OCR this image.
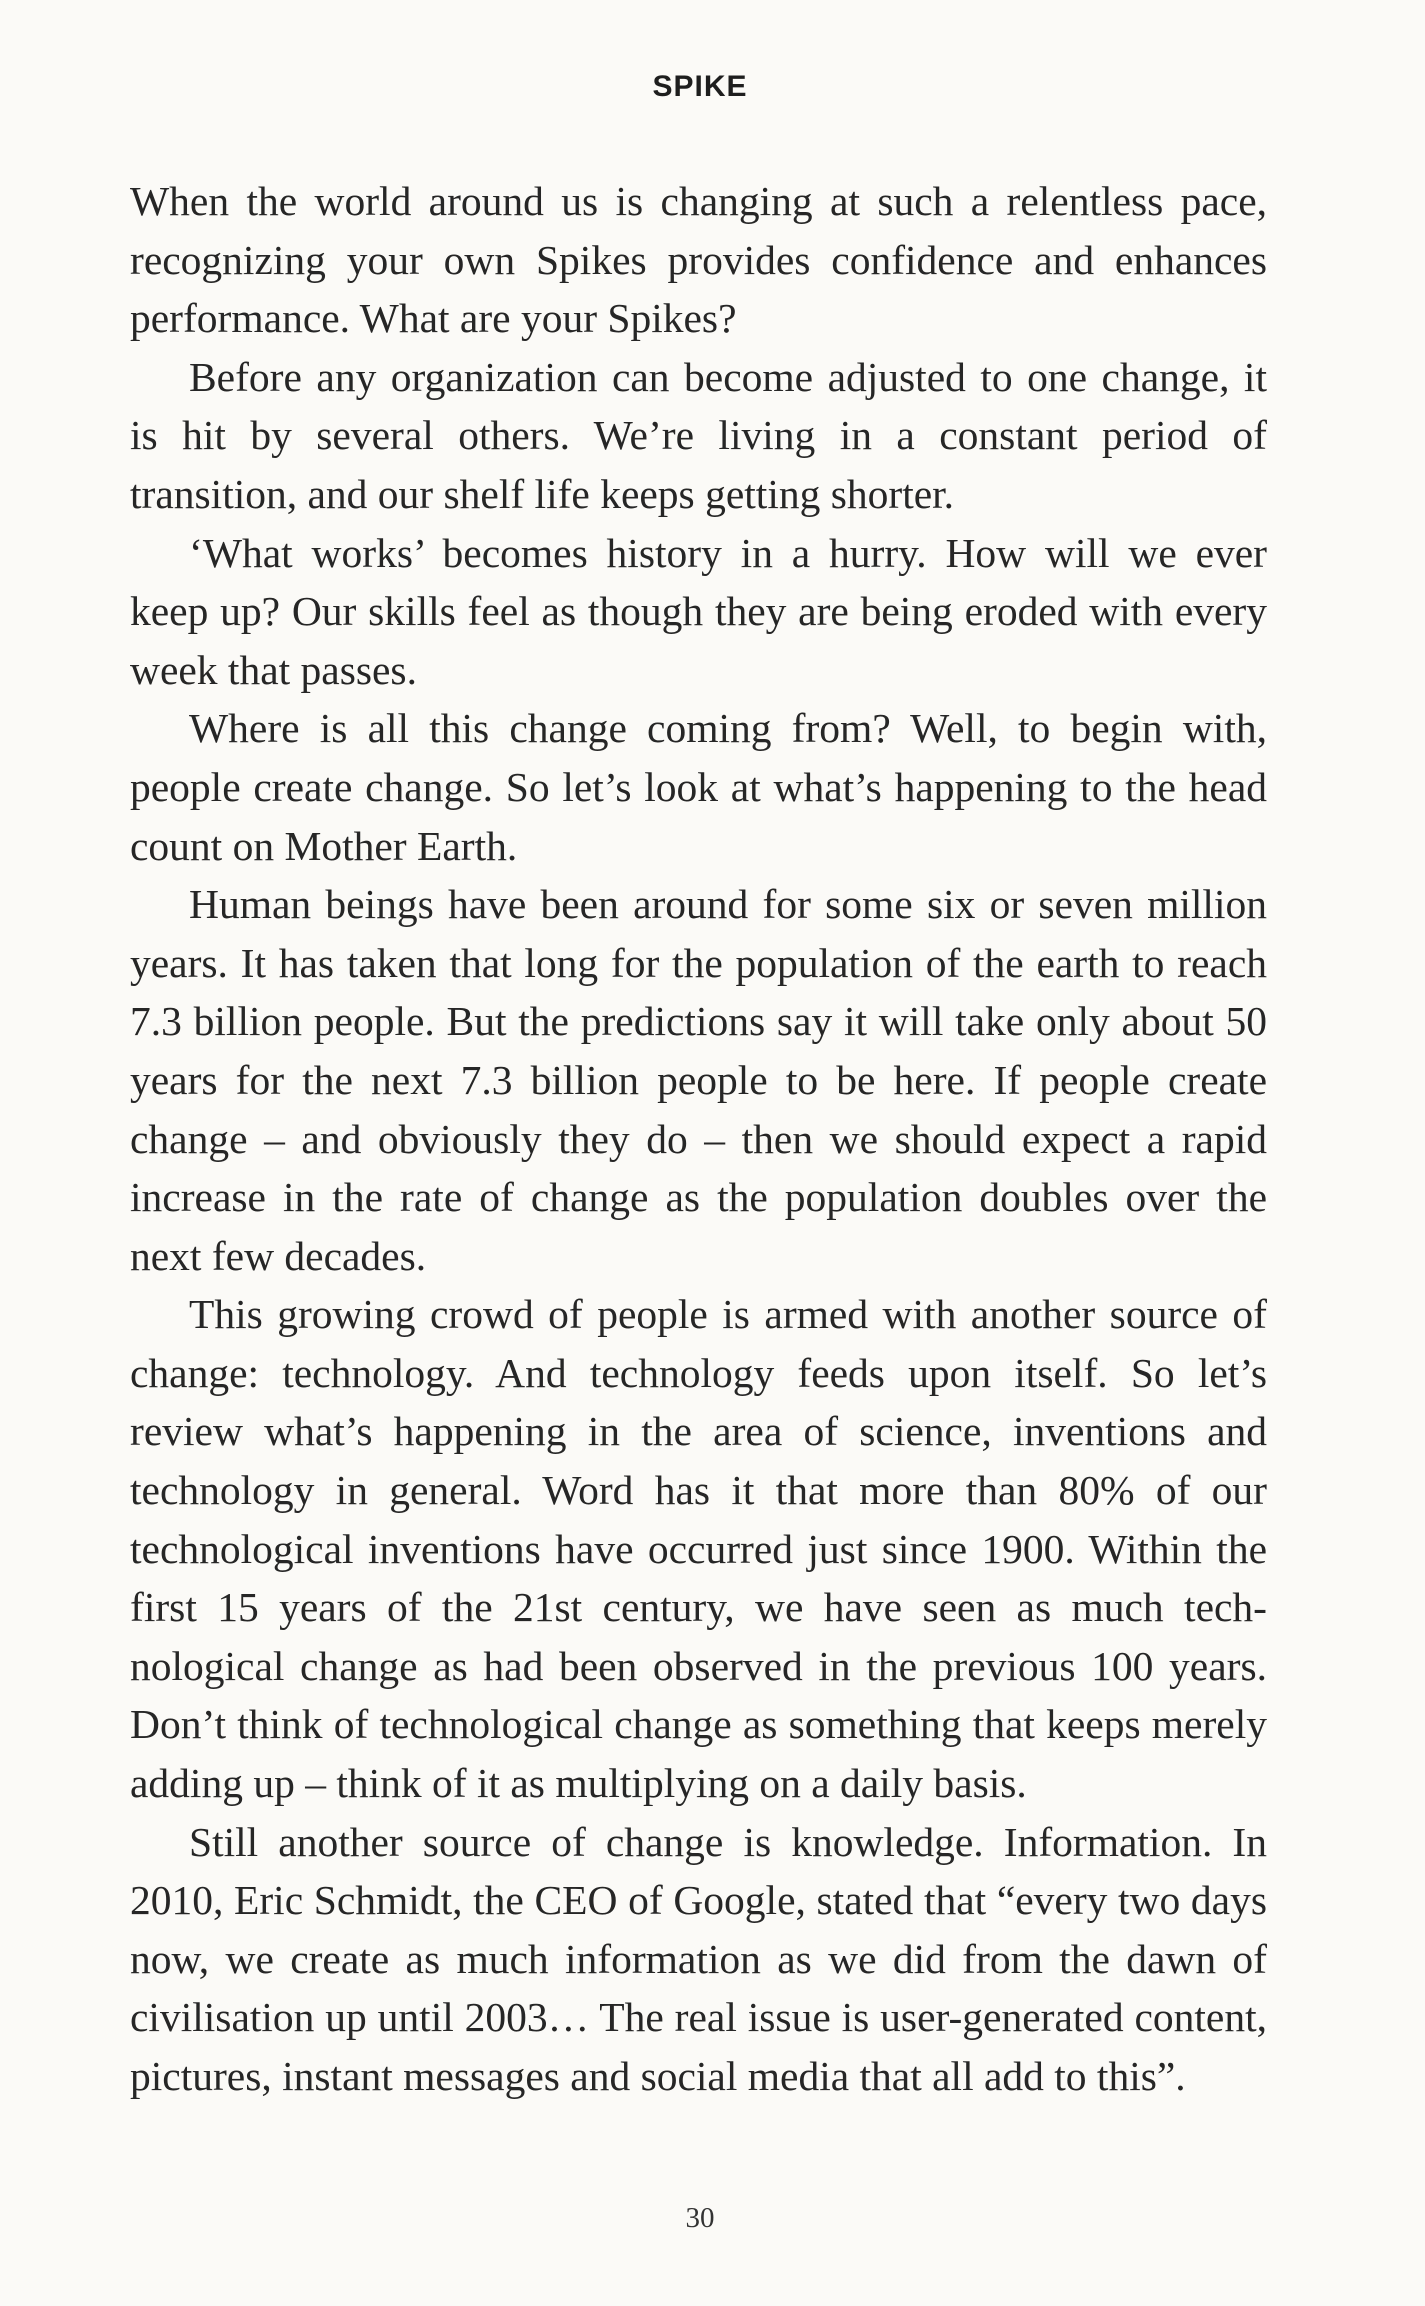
SPIKE

When the world around us is changing at such a relentless pace, recognizing your own Spikes provides confidence and enhances performance. What are your Spikes?

Before any organization can become adjusted to one change, it is hit by several others. We’re living in a constant period of transition, and our shelf life keeps getting shorter.

‘What works’ becomes history in a hurry. How will we ever keep up? Our skills feel as though they are being eroded with every week that passes.

Where is all this change coming from? Well, to begin with, people create change. So let’s look at what’s happening to the head count on Mother Earth.

Human beings have been around for some six or seven million years. It has taken that long for the population of the earth to reach 7.3 billion people. But the predictions say it will take only about 50 years for the next 7.3 billion people to be here. If people create change – and obviously they do – then we should expect a rapid increase in the rate of change as the population doubles over the next few decades.

This growing crowd of people is armed with another source of change: technology. And technology feeds upon itself. So let’s review what’s happening in the area of science, inventions and technology in general. Word has it that more than 80% of our technological inventions have occurred just since 1900. Within the first 15 years of the 21st century, we have seen as much technological change as had been observed in the previous 100 years. Don’t think of technological change as something that keeps merely adding up – think of it as multiplying on a daily basis.

Still another source of change is knowledge. Information. In 2010, Eric Schmidt, the CEO of Google, stated that “every two days now, we create as much information as we did from the dawn of civilisation up until 2003… The real issue is user-generated content, pictures, instant messages and social media that all add to this”.

30
